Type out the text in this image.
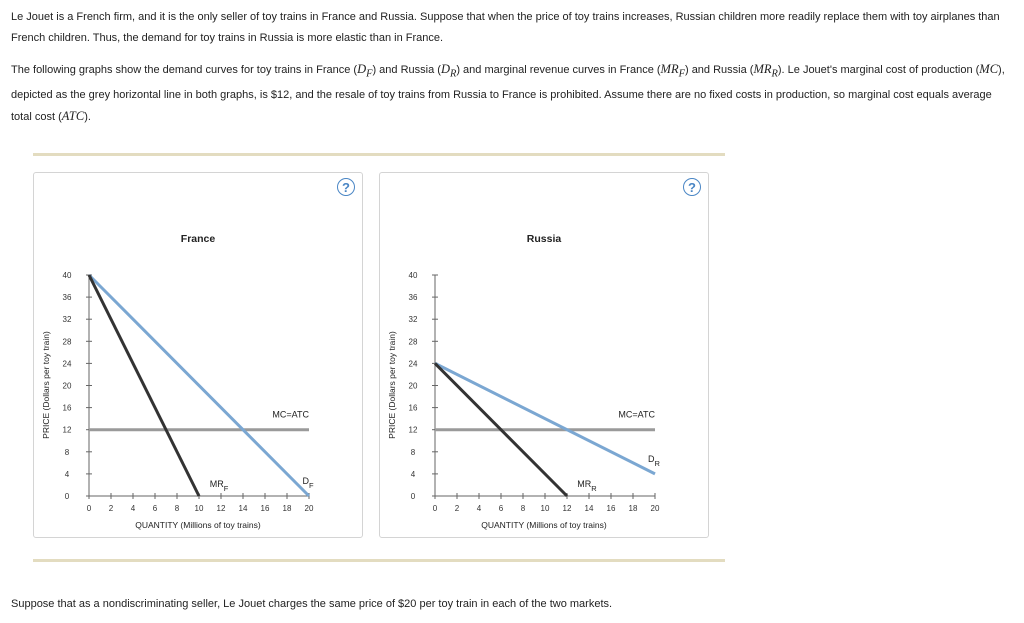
Le Jouet is a French firm, and it is the only seller of toy trains in France and Russia. Suppose that when the price of toy trains increases, Russian children more readily replace them with toy airplanes than French children. Thus, the demand for toy trains in Russia is more elastic than in France.

The following graphs show the demand curves for toy trains in France $(D_F)$ and Russia $(D_R)$ and marginal revenue curves in France $(MR_F)$ and Russia $(MR_R)$. Le Jouet's marginal cost of production (MC), depicted as the grey horizontal line in both graphs, is $12, and the resale of toy trains from Russia to France is prohibited. Assume there are no fixed costs in production, so marginal cost equals average total cost (ATC).

?
France
0
4
8
12
16
20
24
28
32
36
40
0 2 4 6 8 10 12 14 16 18 20
QUANTITY (Millions of toy trains)
PRICE (Dollars per toy train)	MC=ATC
$D_F$
$MR_F$
?
Russia
0
4
8
12
16
20
24
28
32
36
40
0 2 4 6 8 10 12 14 16 18 20
QUANTITY (Millions of toy trains)
PRICE (Dollars per toy train)	MC=ATC
$D_R$
$MR_R$

Suppose that as a nondiscriminating seller, Le Jouet charges the same price of $20 per toy train in each of the two markets.
